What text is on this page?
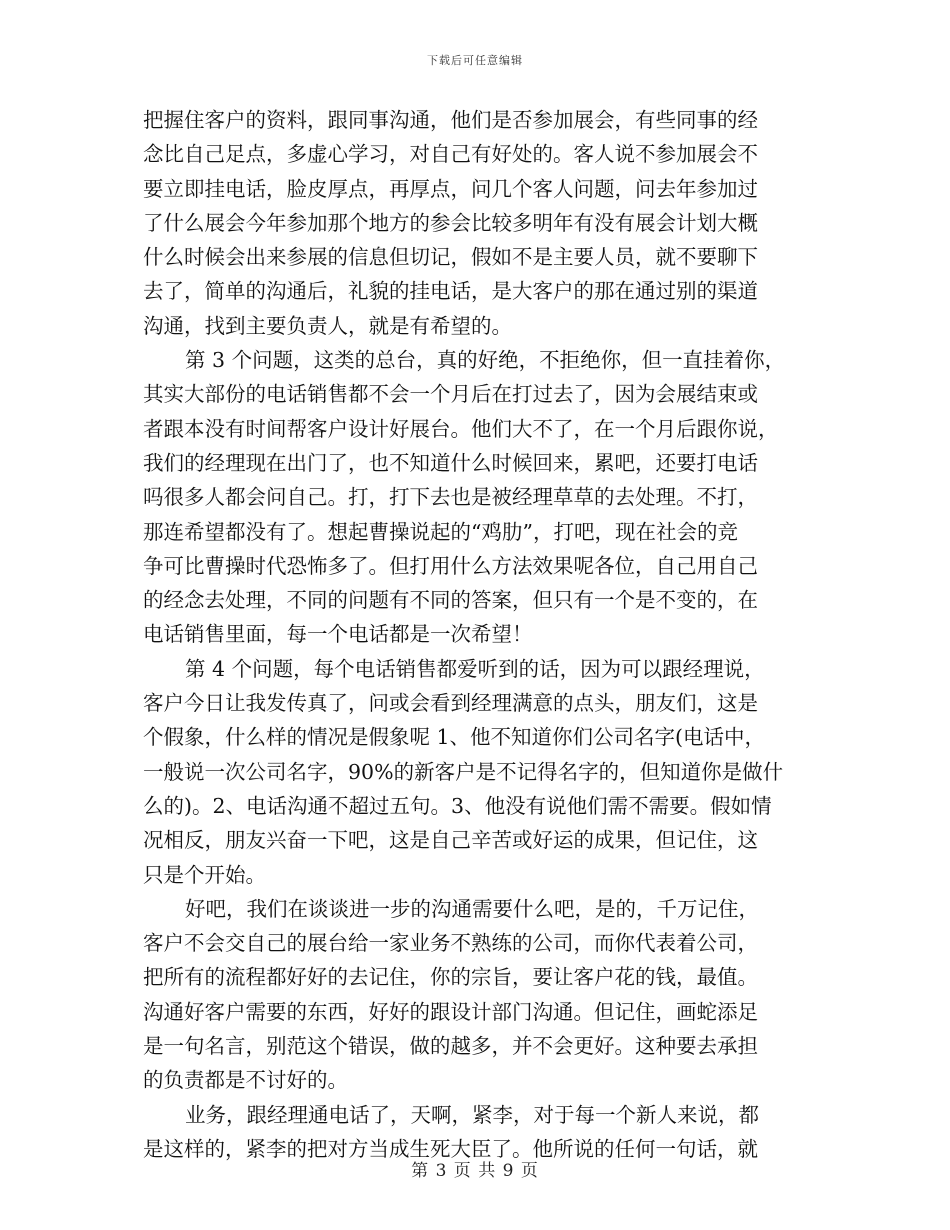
下载后可任意编辑
把握住客户的资料，跟同事沟通，他们是否参加展会，有些同事的经
念比自己足点，多虚心学习，对自己有好处的。客人说不参加展会不
要立即挂电话，脸皮厚点，再厚点，问几个客人问题，问去年参加过
了什么展会今年参加那个地方的参会比较多明年有没有展会计划大概
什么时候会出来参展的信息但切记，假如不是主要人员，就不要聊下
去了，简单的沟通后，礼貌的挂电话，是大客户的那在通过别的渠道
沟通，找到主要负责人，就是有希望的。
第 3 个问题，这类的总台，真的好绝，不拒绝你，但一直挂着你，
其实大部份的电话销售都不会一个月后在打过去了，因为会展结束或
者跟本没有时间帮客户设计好展台。他们大不了，在一个月后跟你说，
我们的经理现在出门了，也不知道什么时候回来，累吧，还要打电话
吗很多人都会问自己。打，打下去也是被经理草草的去处理。不打，
那连希望都没有了。想起曹操说起的“鸡肋”，打吧，现在社会的竞
争可比曹操时代恐怖多了。但打用什么方法效果呢各位，自己用自己
的经念去处理，不同的问题有不同的答案，但只有一个是不变的，在
电话销售里面，每一个电话都是一次希望！
第 4 个问题，每个电话销售都爱听到的话，因为可以跟经理说，
客户今日让我发传真了，问或会看到经理满意的点头，朋友们，这是
个假象，什么样的情况是假象呢 1、他不知道你们公司名字(电话中，
一般说一次公司名字，90%的新客户是不记得名字的，但知道你是做什
么的)。2、电话沟通不超过五句。3、他没有说他们需不需要。假如情
况相反，朋友兴奋一下吧，这是自己辛苦或好运的成果，但记住，这
只是个开始。
好吧，我们在谈谈进一步的沟通需要什么吧，是的，千万记住，
客户不会交自己的展台给一家业务不熟练的公司，而你代表着公司，
把所有的流程都好好的去记住，你的宗旨，要让客户花的钱，最值。
沟通好客户需要的东西，好好的跟设计部门沟通。但记住，画蛇添足
是一句名言，别范这个错误，做的越多，并不会更好。这种要去承担
的负责都是不讨好的。
业务，跟经理通电话了，天啊，紧李，对于每一个新人来说，都
是这样的，紧李的把对方当成生死大臣了。他所说的任何一句话，就
第 3 页 共 9 页
